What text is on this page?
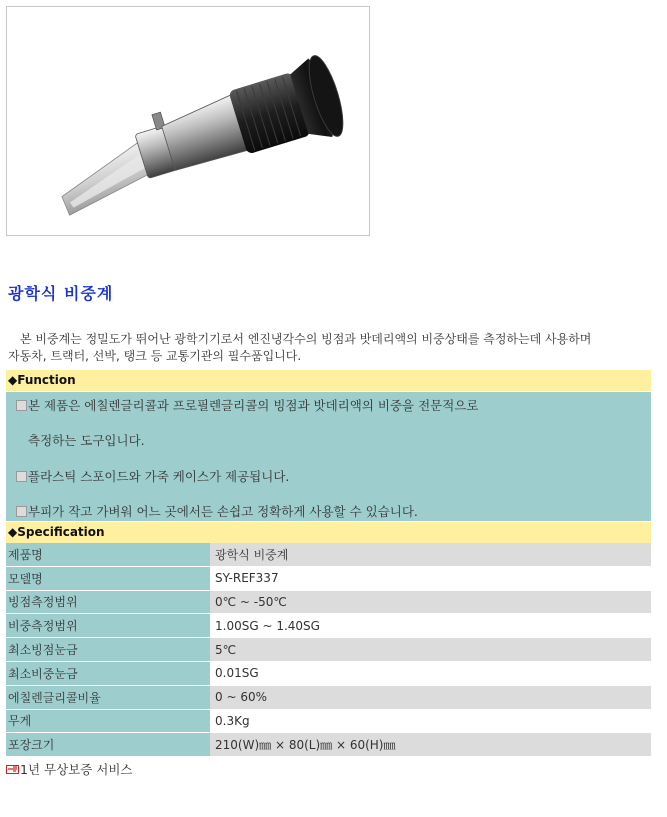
광학식 비중계
본 비중계는 정밀도가 뛰어난 광학기기로서 엔진냉각수의 빙점과 밧데리액의 비중상태를 측정하는데 사용하며
자동차, 트랙터, 선박, 탱크 등 교통기관의 필수품입니다.
◆Function
본 제품은 에칠렌글리콜과 프로필렌글리콜의 빙점과 밧데리액의 비중을 전문적으로
측정하는 도구입니다.
플라스틱 스포이드와 가죽 케이스가 제공됩니다.
부피가 작고 가벼워 어느 곳에서든 손쉽고 정확하게 사용할 수 있습니다.
◆Specification
제품명	광학식 비중계
모델명	SY-REF337
빙점측정범위	0℃ ~ -50℃
비중측정범위	1.00SG ~ 1.40SG
최소빙점눈금	5℃
최소비중눈금	0.01SG
에칠렌글리콜비율	0 ~ 60%
무게	0.3Kg
포장크기	210(W)㎜ × 80(L)㎜ × 60(H)㎜
1년 무상보증 서비스
